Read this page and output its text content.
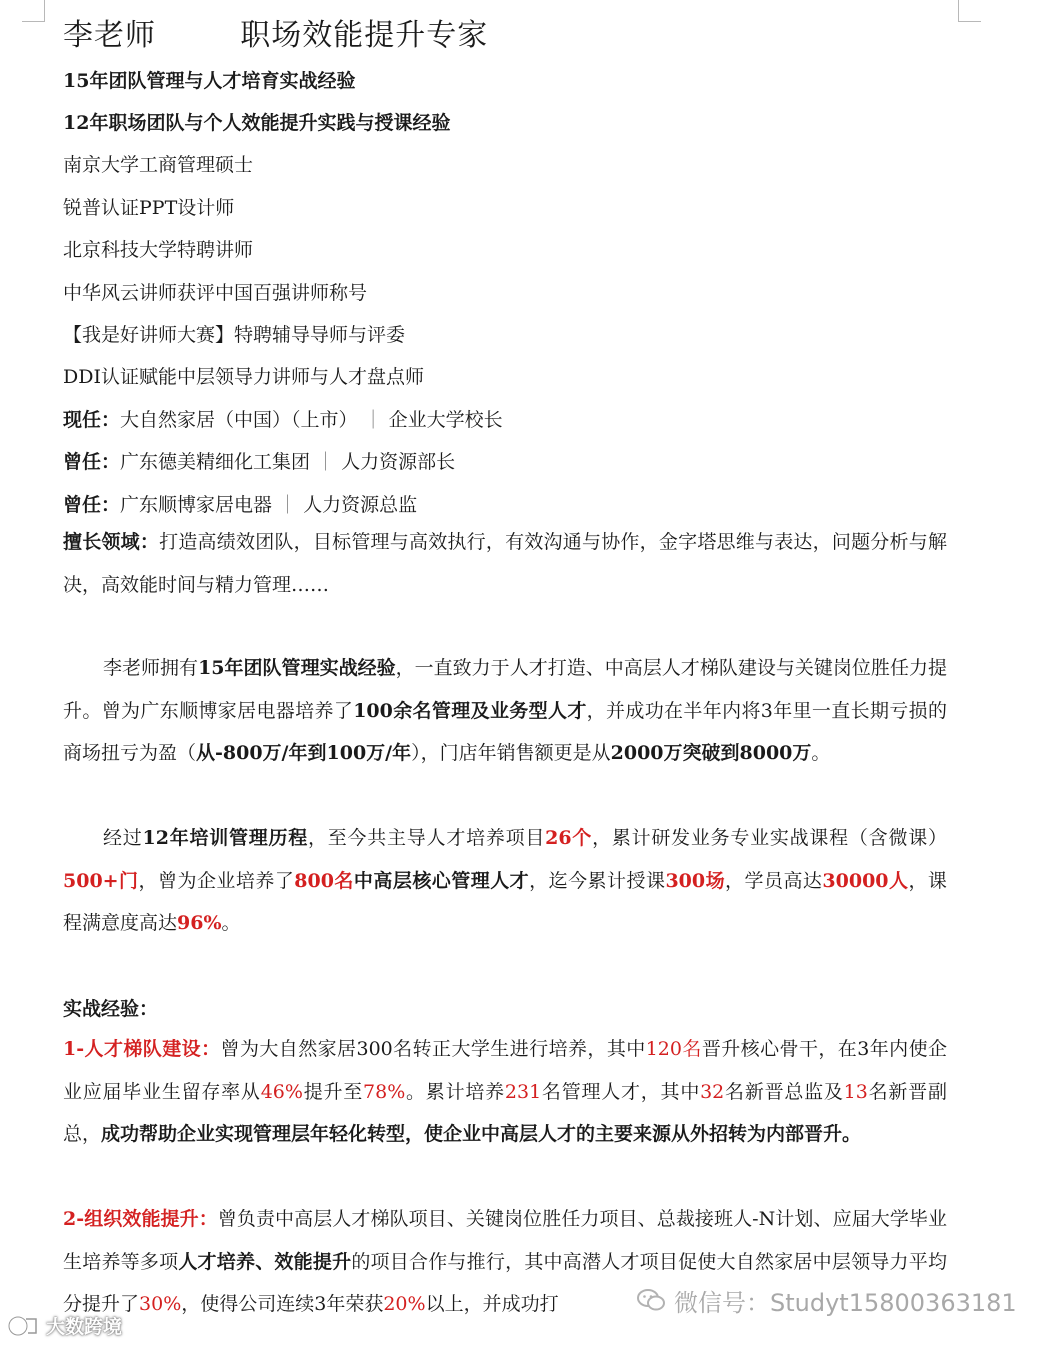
李老师        职场效能提升专家
15年团队管理与人才培育实战经验
12年职场团队与个人效能提升实践与授课经验
南京大学工商管理硕士
锐普认证PPT设计师
北京科技大学特聘讲师
中华风云讲师获评中国百强讲师称号
【我是好讲师大赛】特聘辅导导师与评委
DDI认证赋能中层领导力讲师与人才盘点师
现任：大自然家居（中国）（上市） ｜ 企业大学校长
曾任：广东德美精细化工集团 ｜ 人力资源部长
曾任：广东顺博家居电器 ｜ 人力资源总监
擅长领域：打造高绩效团队，目标管理与高效执行，有效沟通与协作，金字塔思维与表达，问题分析与解决，高效能时间与精力管理……
李老师拥有15年团队管理实战经验，一直致力于人才打造、中高层人才梯队建设与关键岗位胜任力提升。曾为广东顺博家居电器培养了100余名管理及业务型人才，并成功在半年内将3年里一直长期亏损的商场扭亏为盈（从-800万/年到100万/年），门店年销售额更是从2000万突破到8000万。
经过12年培训管理历程，至今共主导人才培养项目26个，累计研发业务专业实战课程（含微课）500+门，曾为企业培养了800名中高层核心管理人才，迄今累计授课300场，学员高达30000人，课程满意度高达96%。
实战经验：
1-人才梯队建设：曾为大自然家居300名转正大学生进行培养，其中120名晋升核心骨干，在3年内使企业应届毕业生留存率从46%提升至78%。累计培养231名管理人才，其中32名新晋总监及13名新晋副总，成功帮助企业实现管理层年轻化转型，使企业中高层人才的主要来源从外招转为内部晋升。
2-组织效能提升：曾负责中高层人才梯队项目、关键岗位胜任力项目、总裁接班人-N计划、应届大学毕业生培养等多项人才培养、效能提升的项目合作与推行，其中高潜人才项目促使大自然家居中层领导力平均分提升了30%，使得公司连续3年荣获20%以上，并成功打	微信号：Studyt15800363181
大数跨境
